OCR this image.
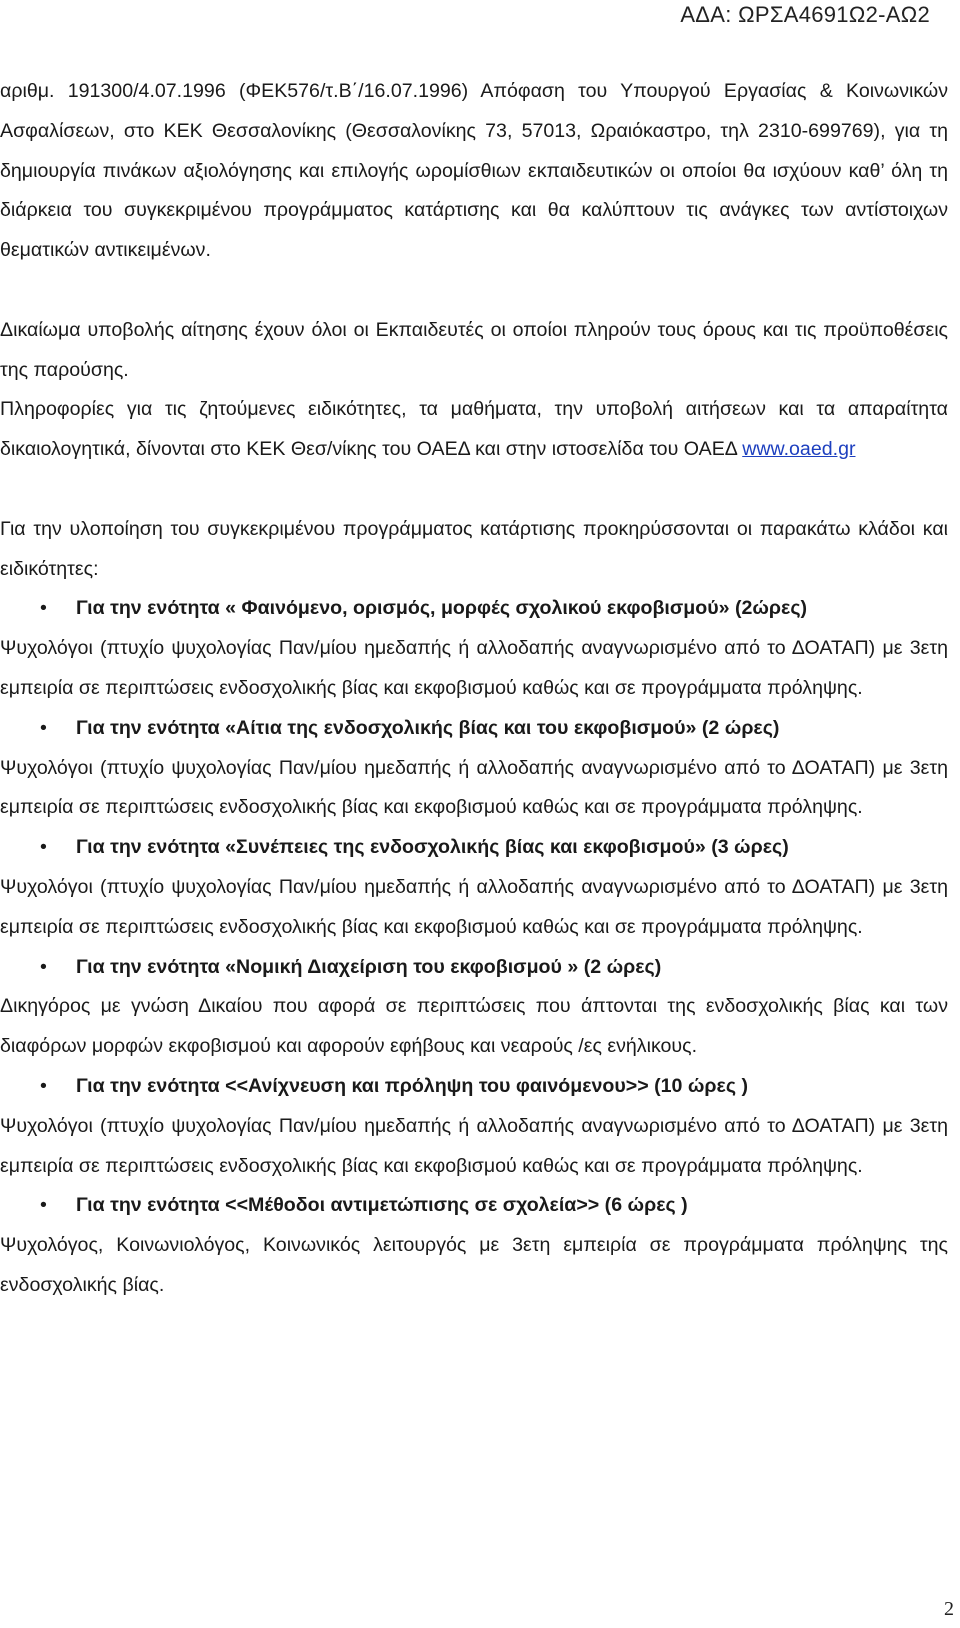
ΑΔΑ: ΩΡΣΑ4691Ω2-ΑΩ2

αριθμ. 191300/4.07.1996 (ΦΕΚ576/τ.Β΄/16.07.1996) Απόφαση του Υπουργού Εργασίας & Κοινωνικών Ασφαλίσεων, στο ΚΕΚ Θεσσαλονίκης (Θεσσαλονίκης 73, 57013, Ωραιόκαστρο, τηλ 2310-699769), για τη δημιουργία πινάκων αξιολόγησης και επιλογής ωρομίσθιων εκπαιδευτικών οι οποίοι θα ισχύουν καθ’ όλη τη διάρκεια του συγκεκριμένου προγράμματος κατάρτισης και θα καλύπτουν τις ανάγκες των αντίστοιχων θεματικών αντικειμένων.

Δικαίωμα υποβολής αίτησης έχουν όλοι οι Εκπαιδευτές οι οποίοι πληρούν τους όρους και τις προϋποθέσεις της παρούσης.

Πληροφορίες για τις ζητούμενες ειδικότητες, τα μαθήματα, την υποβολή αιτήσεων και τα απαραίτητα δικαιολογητικά, δίνονται στο ΚΕΚ Θεσ/νίκης του ΟΑΕΔ και στην ιστοσελίδα του ΟΑΕΔ www.oaed.gr

Για την υλοποίηση του συγκεκριμένου προγράμματος κατάρτισης προκηρύσσονται οι παρακάτω κλάδοι και ειδικότητες:

• Για την ενότητα « Φαινόμενο, ορισμός, μορφές σχολικού εκφοβισμού» (2ώρες)

Ψυχολόγοι (πτυχίο ψυχολογίας Παν/μίου ημεδαπής ή αλλοδαπής αναγνωρισμένο από το ΔΟΑΤΑΠ) με 3ετη εμπειρία σε περιπτώσεις ενδοσχολικής βίας και εκφοβισμού καθώς και σε προγράμματα πρόληψης.

• Για την ενότητα «Αίτια της ενδοσχολικής βίας και του εκφοβισμού» (2 ώρες)

Ψυχολόγοι (πτυχίο ψυχολογίας Παν/μίου ημεδαπής ή αλλοδαπής αναγνωρισμένο από το ΔΟΑΤΑΠ) με 3ετη εμπειρία σε περιπτώσεις ενδοσχολικής βίας και εκφοβισμού καθώς και σε προγράμματα πρόληψης.

• Για την ενότητα «Συνέπειες της ενδοσχολικής βίας και εκφοβισμού» (3 ώρες)

Ψυχολόγοι (πτυχίο ψυχολογίας Παν/μίου ημεδαπής ή αλλοδαπής αναγνωρισμένο από το ΔΟΑΤΑΠ) με 3ετη εμπειρία σε περιπτώσεις ενδοσχολικής βίας και εκφοβισμού καθώς και σε προγράμματα πρόληψης.

• Για την ενότητα «Νομική Διαχείριση του εκφοβισμού » (2 ώρες)

Δικηγόρος με γνώση Δικαίου που αφορά σε περιπτώσεις που άπτονται της ενδοσχολικής βίας και των διαφόρων μορφών εκφοβισμού και αφορούν εφήβους και νεαρούς /ες ενήλικους.

• Για την ενότητα <<Ανίχνευση και πρόληψη του φαινόμενου>> (10 ώρες )

Ψυχολόγοι (πτυχίο ψυχολογίας Παν/μίου ημεδαπής ή αλλοδαπής αναγνωρισμένο από το ΔΟΑΤΑΠ) με 3ετη εμπειρία σε περιπτώσεις ενδοσχολικής βίας και εκφοβισμού καθώς και σε προγράμματα πρόληψης.

• Για την ενότητα <<Μέθοδοι αντιμετώπισης σε σχολεία>> (6 ώρες )

Ψυχολόγος, Κοινωνιολόγος, Κοινωνικός λειτουργός με 3ετη εμπειρία σε προγράμματα πρόληψης της ενδοσχολικής βίας.

2
